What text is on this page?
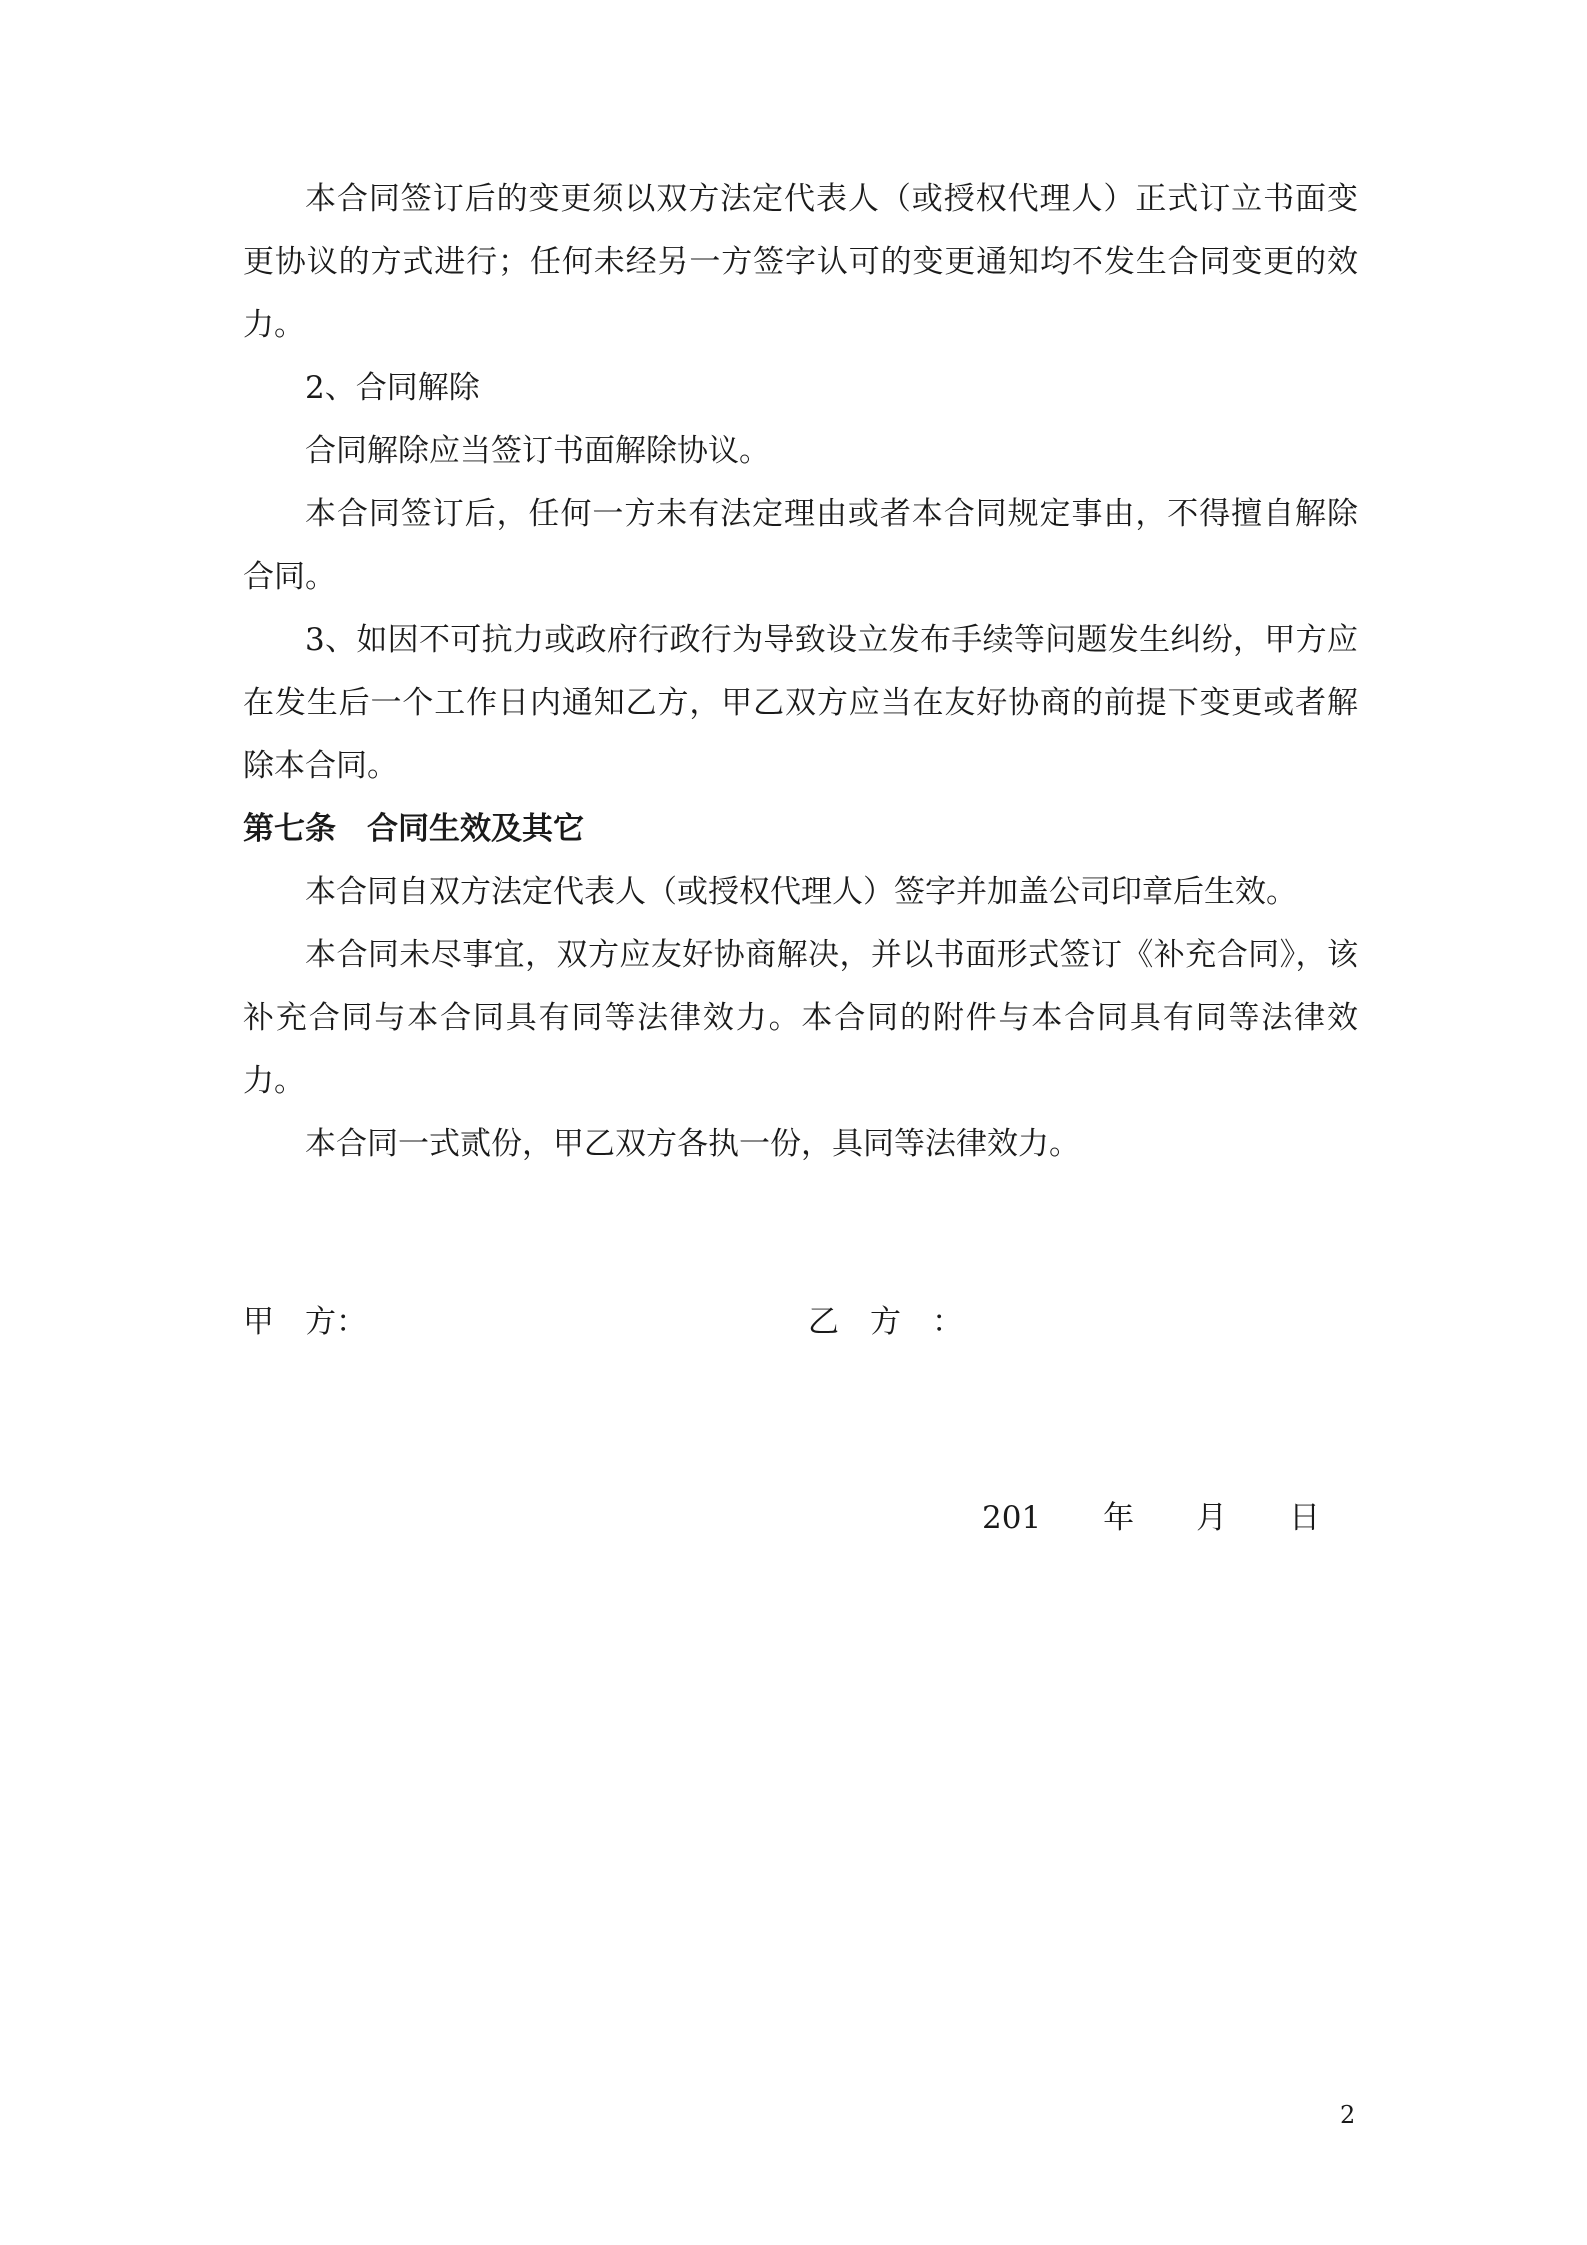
本合同签订后的变更须以双方法定代表人（或授权代理人）正式订立书面变更协议的方式进行；任何未经另一方签字认可的变更通知均不发生合同变更的效力。

2、合同解除

合同解除应当签订书面解除协议。

本合同签订后，任何一方未有法定理由或者本合同规定事由，不得擅自解除合同。

3、如因不可抗力或政府行政行为导致设立发布手续等问题发生纠纷，甲方应在发生后一个工作日内通知乙方，甲乙双方应当在友好协商的前提下变更或者解除本合同。

第七条　合同生效及其它

本合同自双方法定代表人（或授权代理人）签字并加盖公司印章后生效。

本合同未尽事宜，双方应友好协商解决，并以书面形式签订《补充合同》，该补充合同与本合同具有同等法律效力。本合同的附件与本合同具有同等法律效力。

本合同一式贰份，甲乙双方各执一份，具同等法律效力。

甲　方：	乙　方　：
201　　年　　月　　日
2
